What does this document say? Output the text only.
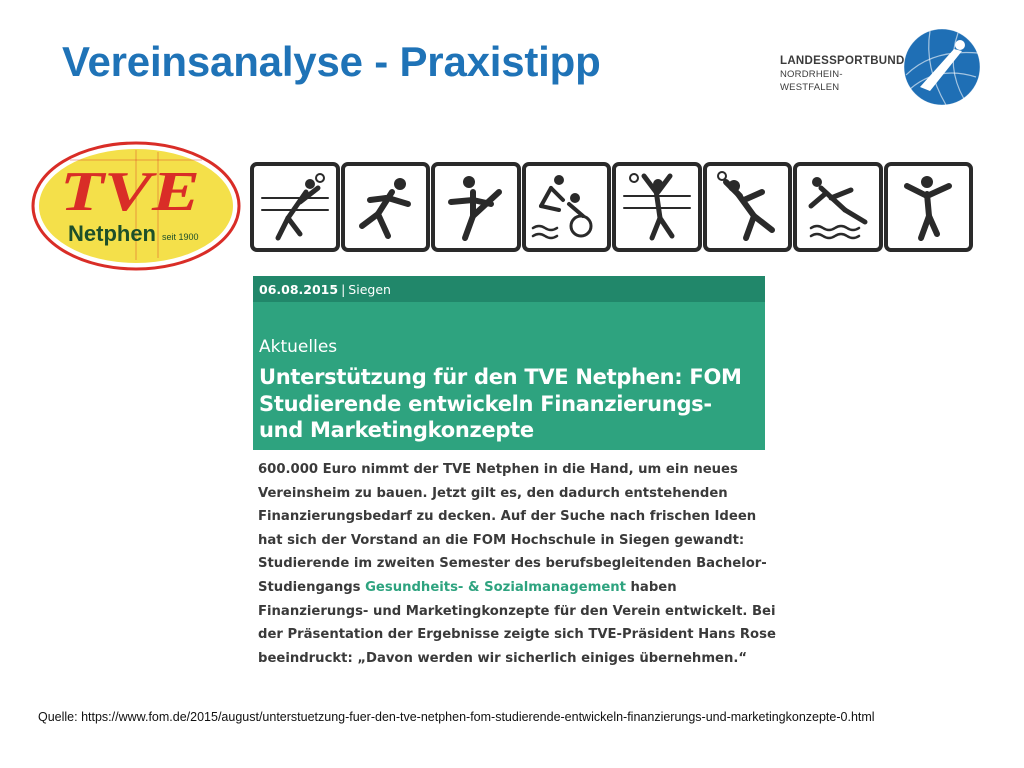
Vereinsanalyse - Praxistipp	LANDESSPORTBUND
NORDRHEIN-WESTFALEN
TVE
Netphen seit 1900
06.08.2015 | Siegen
Aktuelles
Unterstützung für den TVE Netphen: FOM
Studierende entwickeln Finanzierungs-
und Marketingkonzepte
600.000 Euro nimmt der TVE Netphen in die Hand, um ein neues Vereinsheim zu bauen. Jetzt gilt es, den dadurch entstehenden Finanzierungsbedarf zu decken. Auf der Suche nach frischen Ideen hat sich der Vorstand an die FOM Hochschule in Siegen gewandt: Studierende im zweiten Semester des berufsbegleitenden Bachelor-Studiengangs Gesundheits- & Sozialmanagement haben Finanzierungs- und Marketingkonzepte für den Verein entwickelt. Bei der Präsentation der Ergebnisse zeigte sich TVE-Präsident Hans Rose beeindruckt: „Davon werden wir sicherlich einiges übernehmen.“
Quelle: https://www.fom.de/2015/august/unterstuetzung-fuer-den-tve-netphen-fom-studierende-entwickeln-finanzierungs-und-marketingkonzepte-0.html
